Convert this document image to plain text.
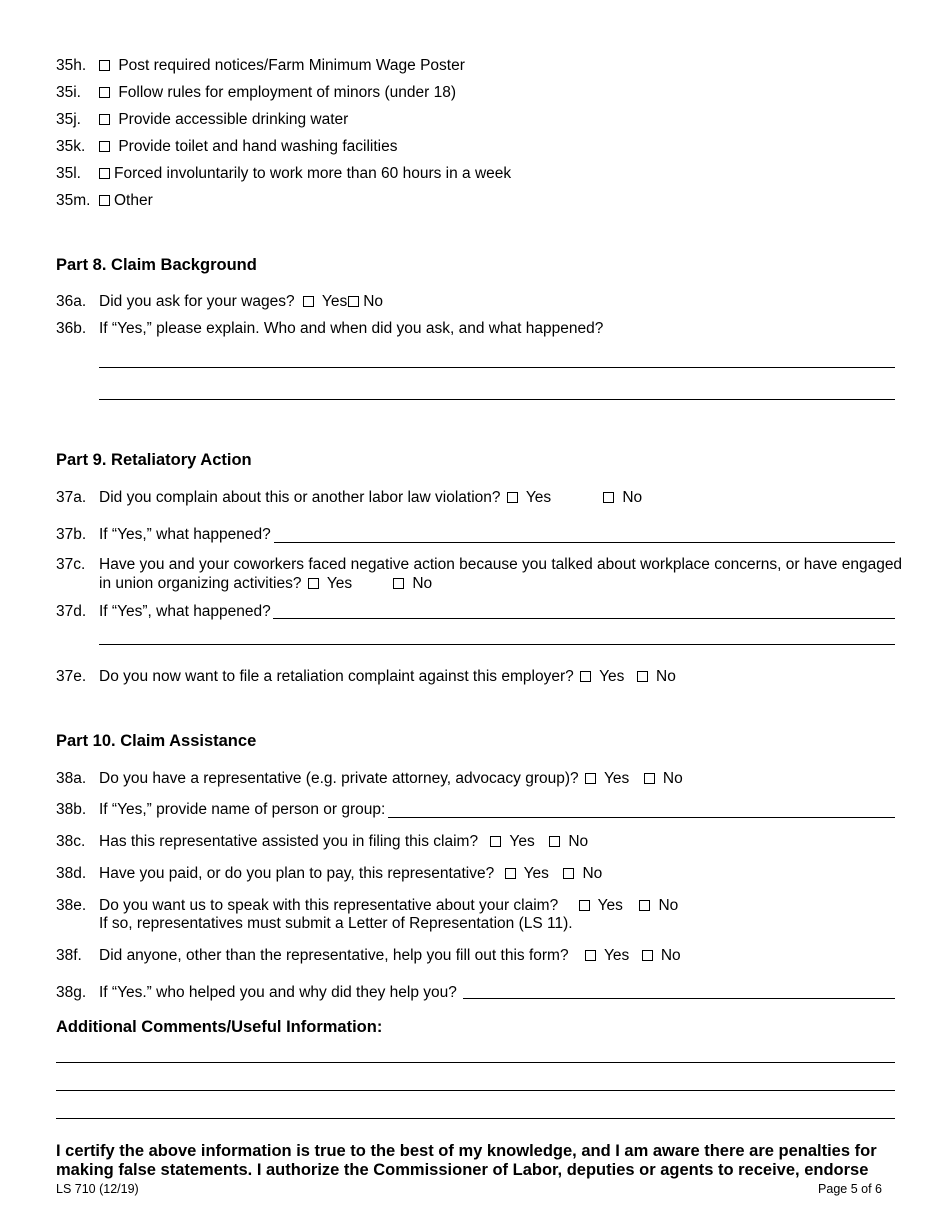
35h.	Post required notices/Farm Minimum Wage Poster
35i.	Follow rules for employment of minors (under 18)
35j.	Provide accessible drinking water
35k.	Provide toilet and hand washing facilities
35l.	Forced involuntarily to work more than 60 hours in a week
35m.	Other
Part 8. Claim Background
36a. Did you ask for your wages? Yes No
36b. If “Yes,” please explain. Who and when did you ask, and what happened?
Part 9. Retaliatory Action
37a. Did you complain about this or another labor law violation? Yes	No
37b. If “Yes,” what happened?
37c. Have you and your coworkers faced negative action because you talked about workplace concerns, or have engaged
in union organizing activities? Yes	No
37d. If “Yes”, what happened?
37e. Do you now want to file a retaliation complaint against this employer? Yes No
Part 10. Claim Assistance
38a. Do you have a representative (e.g. private attorney, advocacy group)? Yes No
38b. If “Yes,” provide name of person or group:
38c. Has this representative assisted you in filing this claim? Yes No
38d. Have you paid, or do you plan to pay, this representative? Yes No
38e. Do you want us to speak with this representative about your claim?	Yes No
If so, representatives must submit a Letter of Representation (LS 11).
38f. Did anyone, other than the representative, help you fill out this form? Yes No
38g. If “Yes.” who helped you and why did they help you?
Additional Comments/Useful Information:
I certify the above information is true to the best of my knowledge, and I am aware there are penalties for
making false statements. I authorize the Commissioner of Labor, deputies or agents to receive, endorse
LS 710 (12/19)	Page 5 of 6
